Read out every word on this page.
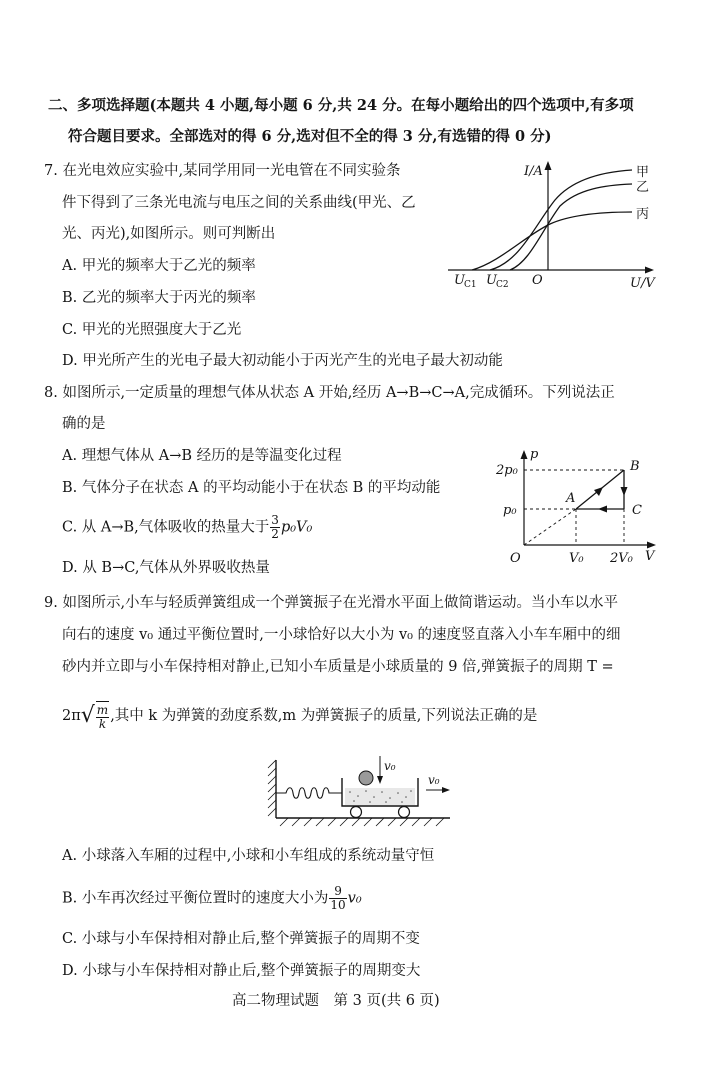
二、多项选择题(本题共 4 小题,每小题 6 分,共 24 分。在每小题给出的四个选项中,有多项
符合题目要求。全部选对的得 6 分,选对但不全的得 3 分,有选错的得 0 分)
7. 在光电效应实验中,某同学用同一光电管在不同实验条
件下得到了三条光电流与电压之间的关系曲线(甲光、乙
光、丙光),如图所示。则可判断出
A. 甲光的频率大于乙光的频率
B. 乙光的频率大于丙光的频率
C. 甲光的光照强度大于乙光
D. 甲光所产生的光电子最大初动能小于丙光产生的光电子最大初动能
I/A
U/V
O
U C1 U C2
甲
乙
丙
8. 如图所示,一定质量的理想气体从状态 A 开始,经历 A→B→C→A,完成循环。下列说法正
确的是
A. 理想气体从 A→B 经历的是等温变化过程
B. 气体分子在状态 A 的平均动能小于在状态 B 的平均动能
C. 从 A→B,气体吸收的热量大于 $\frac{3}{2} p_0V_0$
D. 从 B→C,气体从外界吸收热量
p
V
O
2p₀
p₀
V₀ 2V₀
A
B
C
9. 如图所示,小车与轻质弹簧组成一个弹簧振子在光滑水平面上做简谐运动。当小车以水平
向右的速度 v₀ 通过平衡位置时,一小球恰好以大小为 v₀ 的速度竖直落入小车车厢中的细
砂内并立即与小车保持相对静止,已知小车质量是小球质量的 9 倍,弹簧振子的周期 T =
$2\pi√ \frac{m}{k}$ ,其中 k 为弹簧的劲度系数,m 为弹簧振子的质量,下列说法正确的是
v₀
v₀
A. 小球落入车厢的过程中,小球和小车组成的系统动量守恒
B. 小车再次经过平衡位置时的速度大小为 $\frac{9}{10} v_0$
C. 小球与小车保持相对静止后,整个弹簧振子的周期不变
D. 小球与小车保持相对静止后,整个弹簧振子的周期变大
高二物理试题　第 3 页(共 6 页)
